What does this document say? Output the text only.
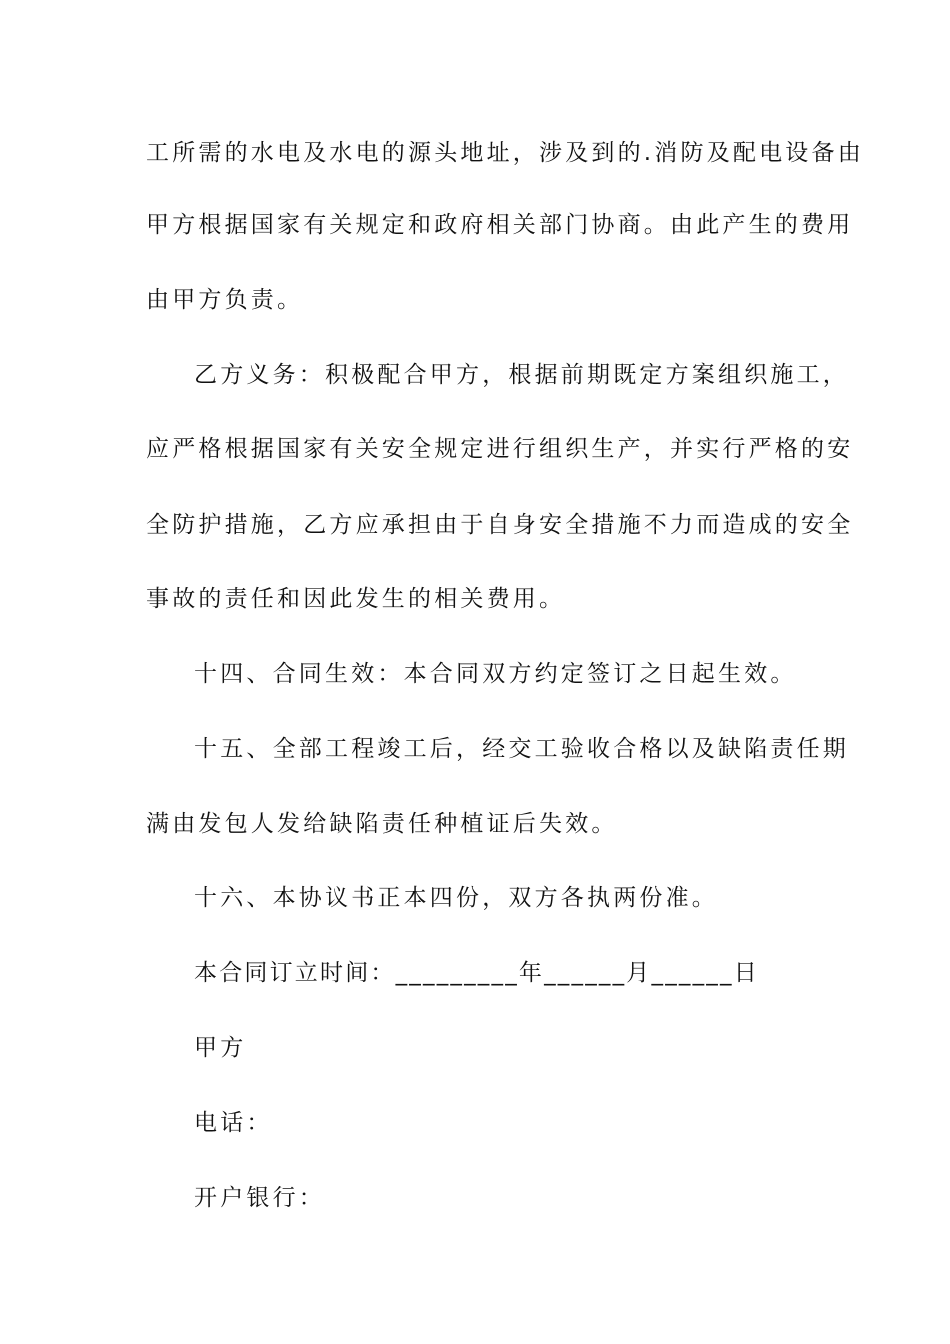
工所需的水电及水电的源头地址，涉及到的.消防及配电设备由
甲方根据国家有关规定和政府相关部门协商。由此产生的费用
由甲方负责。
乙方义务：积极配合甲方，根据前期既定方案组织施工，
应严格根据国家有关安全规定进行组织生产，并实行严格的安
全防护措施，乙方应承担由于自身安全措施不力而造成的安全
事故的责任和因此发生的相关费用。
十四、合同生效：本合同双方约定签订之日起生效。
十五、全部工程竣工后，经交工验收合格以及缺陷责任期
满由发包人发给缺陷责任种植证后失效。
十六、本协议书正本四份，双方各执两份准。
本合同订立时间：_________年______月______日
甲方
电话：
开户银行：
